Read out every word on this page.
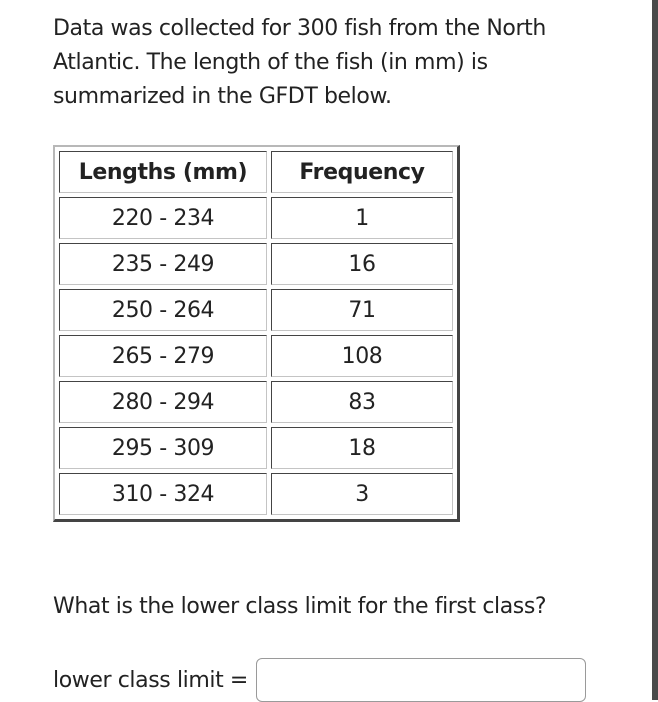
Data was collected for 300 fish from the North
Atlantic. The length of the fish (in mm) is
summarized in the GFDT below.

Lengths (mm)	Frequency
220 - 234	1
235 - 249	16
250 - 264	71
265 - 279	108
280 - 294	83
295 - 309	18
310 - 324	3

What is the lower class limit for the first class?

lower class limit =
